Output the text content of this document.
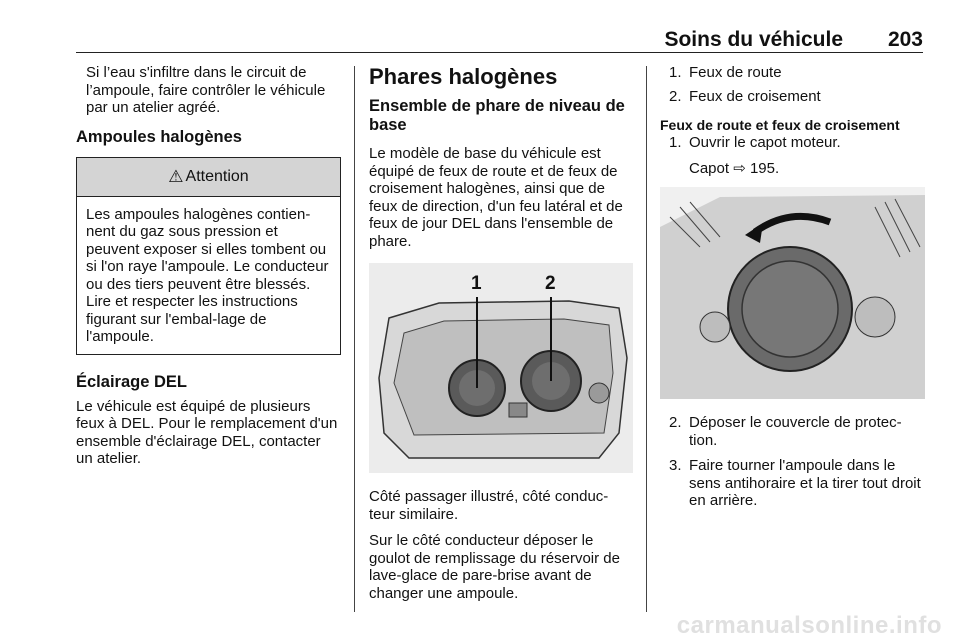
Soins du véhicule 203

Si l’eau s'infiltre dans le circuit de l’ampoule, faire contrôler le véhicule par un atelier agréé.

Ampoules halogènes

⚠ Attention
Les ampoules halogènes contien-nent du gaz sous pression et peuvent exposer si elles tombent ou si l'on raye l'ampoule. Le conducteur ou des tiers peuvent être blessés. Lire et respecter les instructions figurant sur l'embal-lage de l'ampoule.

Éclairage DEL

Le véhicule est équipé de plusieurs feux à DEL. Pour le remplacement d'un ensemble d'éclairage DEL, contacter un atelier.

Phares halogènes

Ensemble de phare de niveau de base

Le modèle de base du véhicule est équipé de feux de route et de feux de croisement halogènes, ainsi que de feux de direction, d'un feu latéral et de feux de jour DEL dans l'ensemble de phare.

1	2

Côté passager illustré, côté conduc-teur similaire.

Sur le côté conducteur déposer le goulot de remplissage du réservoir de lave-glace de pare-brise avant de changer une ampoule.

1. Feux de route
2. Feux de croisement

Feux de route et feux de croisement

1. Ouvrir le capot moteur.

Capot ⇨ 195.

2. Déposer le couvercle de protec-tion.
3. Faire tourner l'ampoule dans le sens antihoraire et la tirer tout droit en arrière.
carmanualsonline.info
